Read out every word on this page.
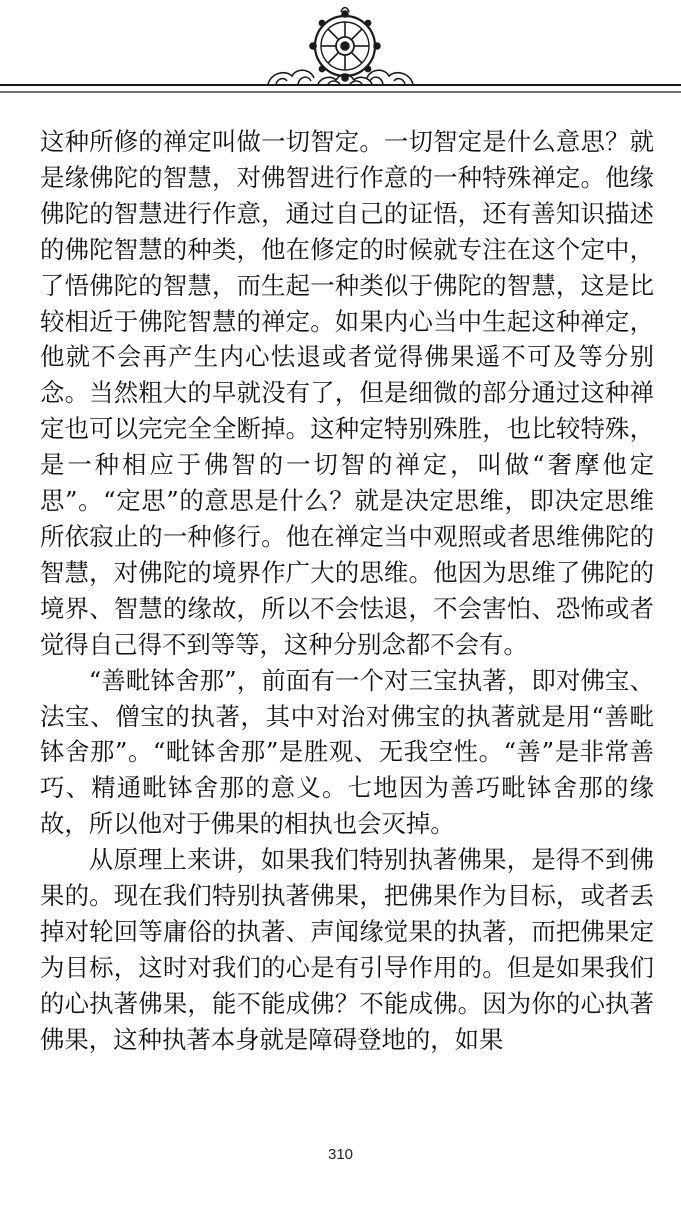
这种所修的禅定叫做一切智定。一切智定是什么意思？就是缘佛陀的智慧，对佛智进行作意的一种特殊禅定。他缘佛陀的智慧进行作意，通过自己的证悟，还有善知识描述的佛陀智慧的种类，他在修定的时候就专注在这个定中，了悟佛陀的智慧，而生起一种类似于佛陀的智慧，这是比较相近于佛陀智慧的禅定。如果内心当中生起这种禅定，他就不会再产生内心怯退或者觉得佛果遥不可及等分别念。当然粗大的早就没有了，但是细微的部分通过这种禅定也可以完完全全断掉。这种定特别殊胜，也比较特殊，是一种相应于佛智的一切智的禅定，叫做“奢摩他定思”。“定思”的意思是什么？就是决定思维，即决定思维所依寂止的一种修行。他在禅定当中观照或者思维佛陀的智慧，对佛陀的境界作广大的思维。他因为思维了佛陀的境界、智慧的缘故，所以不会怯退，不会害怕、恐怖或者觉得自己得不到等等，这种分别念都不会有。

“善毗钵舍那”，前面有一个对三宝执著，即对佛宝、法宝、僧宝的执著，其中对治对佛宝的执著就是用“善毗钵舍那”。“毗钵舍那”是胜观、无我空性。“善”是非常善巧、精通毗钵舍那的意义。七地因为善巧毗钵舍那的缘故，所以他对于佛果的相执也会灭掉。

从原理上来讲，如果我们特别执著佛果，是得不到佛果的。现在我们特别执著佛果，把佛果作为目标，或者丢掉对轮回等庸俗的执著、声闻缘觉果的执著，而把佛果定为目标，这时对我们的心是有引导作用的。但是如果我们的心执著佛果，能不能成佛？不能成佛。因为你的心执著佛果，这种执著本身就是障碍登地的，如果

310
